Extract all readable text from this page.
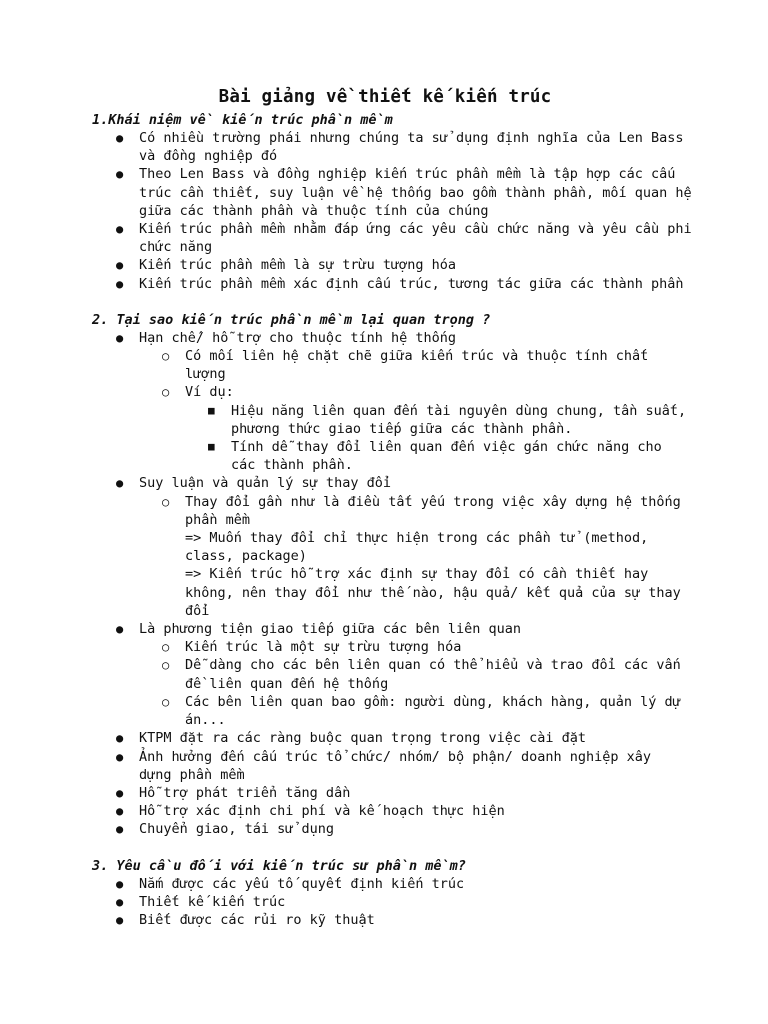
Bài giảng về thiết kế kiến trúc
1.Khái niệm về kiến trúc phần mềm
● Có nhiều trường phái nhưng chúng ta sử dụng định nghĩa của Len Bass
và đồng nghiệp đó
● Theo Len Bass và đồng nghiệp kiến trúc phần mềm là tập hợp các cấu
trúc cần thiết, suy luận về hệ thống bao gồm thành phần, mối quan hệ
giữa các thành phần và thuộc tính của chúng
● Kiến trúc phần mềm nhằm đáp ứng các yêu cầu chức năng và yêu cầu phi
chức năng
● Kiến trúc phần mềm là sự trừu tượng hóa
● Kiến trúc phần mềm xác định cấu trúc, tương tác giữa các thành phần
2. Tại sao kiến trúc phần mềm lại quan trọng ?
● Hạn chế/ hỗ trợ cho thuộc tính hệ thống
○ Có mối liên hệ chặt chẽ giữa kiến trúc và thuộc tính chất
lượng
○ Ví dụ:
■ Hiệu năng liên quan đến tài nguyên dùng chung, tần suất,
phương thức giao tiếp giữa các thành phần.
■ Tính dễ thay đổi liên quan đến việc gán chức năng cho
các thành phần.
● Suy luận và quản lý sự thay đổi
○ Thay đổi gần như là điều tất yếu trong việc xây dựng hệ thống
phần mềm
=> Muốn thay đổi chỉ thực hiện trong các phần tử (method,
class, package)
=> Kiến trúc hỗ trợ xác định sự thay đổi có cần thiết hay
không, nên thay đổi như thế nào, hậu quả/ kết quả của sự thay
đổi
● Là phương tiện giao tiếp giữa các bên liên quan
○ Kiến trúc là một sự trừu tượng hóa
○ Dễ dàng cho các bên liên quan có thể hiểu và trao đổi các vấn
đề liên quan đến hệ thống
○ Các bên liên quan bao gồm: người dùng, khách hàng, quản lý dự
án...
● KTPM đặt ra các ràng buộc quan trọng trong việc cài đặt
● Ảnh hưởng đến cấu trúc tổ chức/ nhóm/ bộ phận/ doanh nghiệp xây
dựng phần mềm
● Hỗ trợ phát triển tăng dần
● Hỗ trợ xác định chi phí và kế hoạch thực hiện
● Chuyển giao, tái sử dụng
3. Yêu cầu đối với kiến trúc sư phần mềm?
● Nắm được các yếu tố quyết định kiến trúc
● Thiết kế kiến trúc
● Biết được các rủi ro kỹ thuật
